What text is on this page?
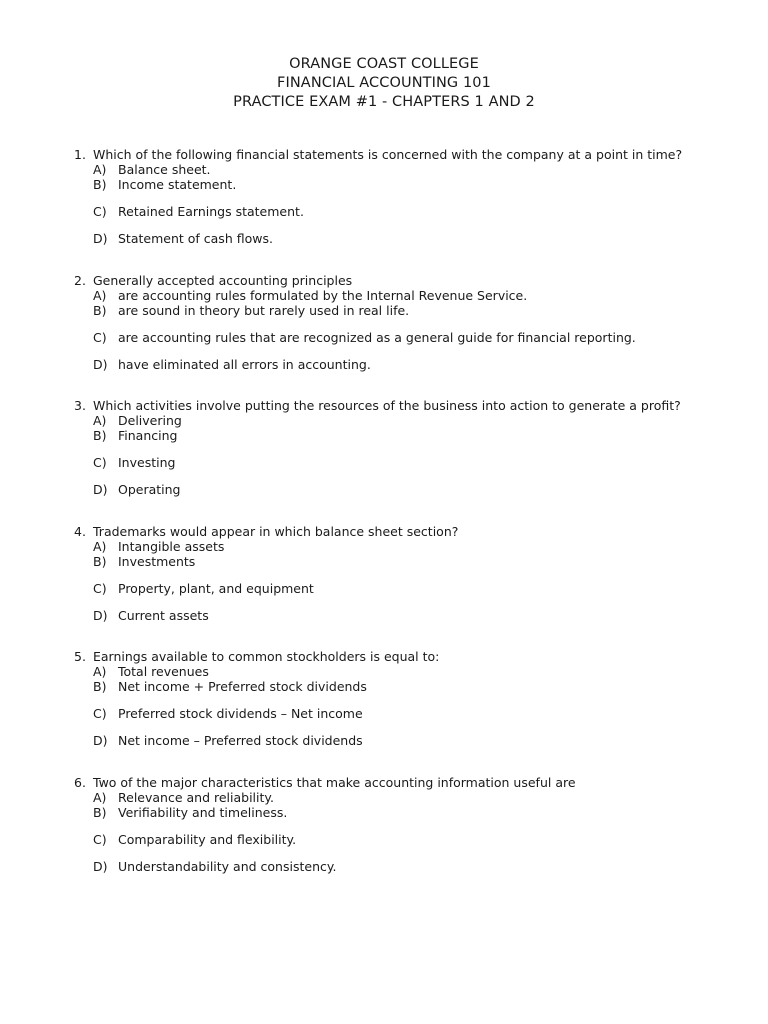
ORANGE COAST COLLEGE
FINANCIAL ACCOUNTING 101
PRACTICE EXAM #1 - CHAPTERS 1 AND 2
1. Which of the following financial statements is concerned with the company at a point in time?
A) Balance sheet.
B) Income statement.
C) Retained Earnings statement.
D) Statement of cash flows.
2. Generally accepted accounting principles
A) are accounting rules formulated by the Internal Revenue Service.
B) are sound in theory but rarely used in real life.
C) are accounting rules that are recognized as a general guide for financial reporting.
D) have eliminated all errors in accounting.
3. Which activities involve putting the resources of the business into action to generate a profit?
A) Delivering
B) Financing
C) Investing
D) Operating
4. Trademarks would appear in which balance sheet section?
A) Intangible assets
B) Investments
C) Property, plant, and equipment
D) Current assets
5. Earnings available to common stockholders is equal to:
A) Total revenues
B) Net income + Preferred stock dividends
C) Preferred stock dividends – Net income
D) Net income – Preferred stock dividends
6. Two of the major characteristics that make accounting information useful are
A) Relevance and reliability.
B) Verifiability and timeliness.
C) Comparability and flexibility.
D) Understandability and consistency.
